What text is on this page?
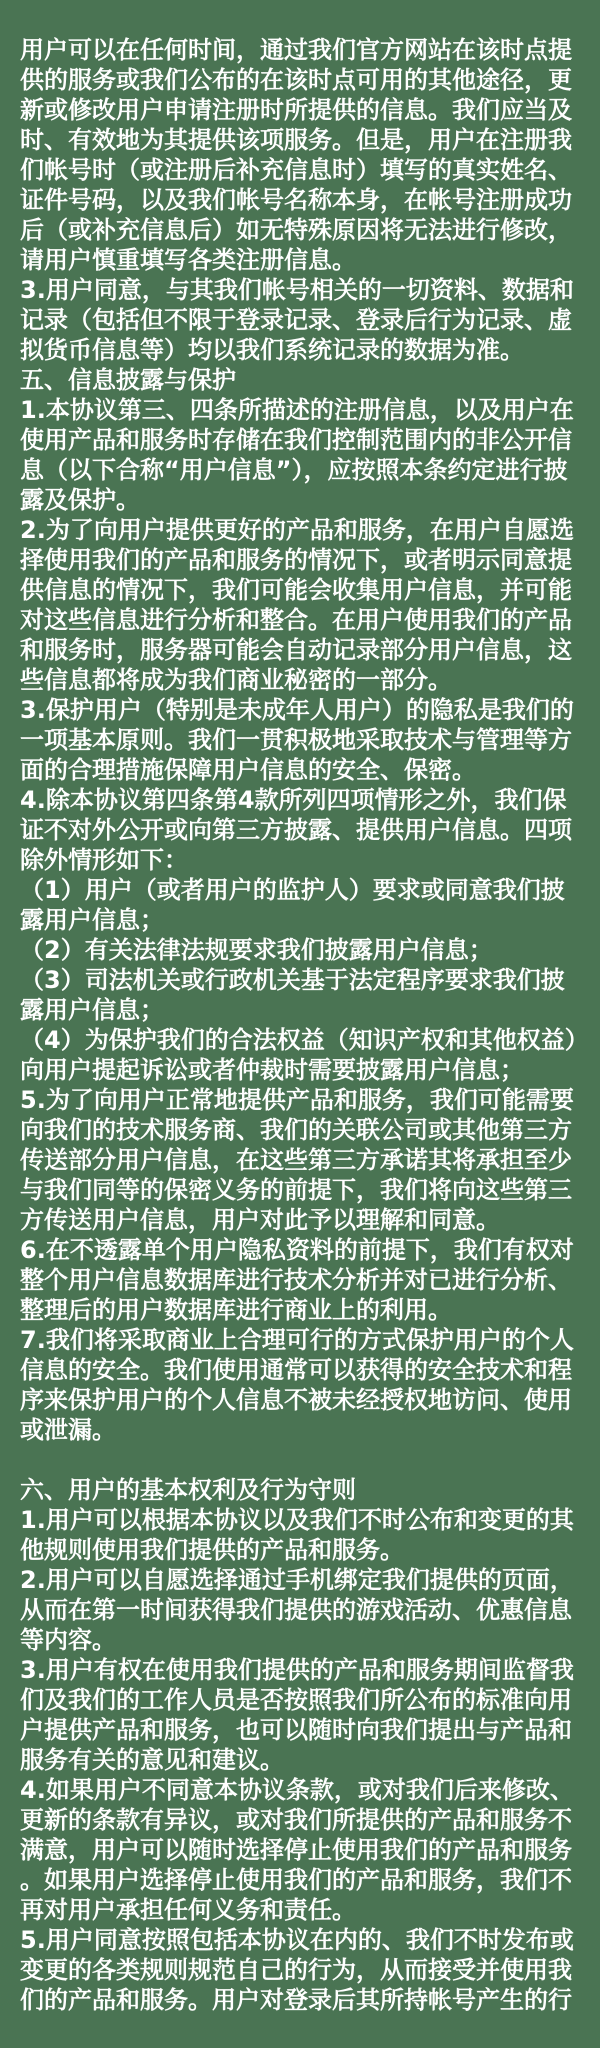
用户可以在任何时间，通过我们官方网站在该时点提供的服务或我们公布的在该时点可用的其他途径，更新或修改用户申请注册时所提供的信息。我们应当及时、有效地为其提供该项服务。但是，用户在注册我们帐号时（或注册后补充信息时）填写的真实姓名、证件号码，以及我们帐号名称本身，在帐号注册成功后（或补充信息后）如无特殊原因将无法进行修改，请用户慎重填写各类注册信息。

3.用户同意，与其我们帐号相关的一切资料、数据和记录（包括但不限于登录记录、登录后行为记录、虚拟货币信息等）均以我们系统记录的数据为准。

五、信息披露与保护

1.本协议第三、四条所描述的注册信息，以及用户在使用产品和服务时存储在我们控制范围内的非公开信息（以下合称“用户信息”），应按照本条约定进行披露及保护。

2.为了向用户提供更好的产品和服务，在用户自愿选择使用我们的产品和服务的情况下，或者明示同意提供信息的情况下，我们可能会收集用户信息，并可能对这些信息进行分析和整合。在用户使用我们的产品和服务时，服务器可能会自动记录部分用户信息，这些信息都将成为我们商业秘密的一部分。

3.保护用户（特别是未成年人用户）的隐私是我们的一项基本原则。我们一贯积极地采取技术与管理等方面的合理措施保障用户信息的安全、保密。

4.除本协议第四条第4款所列四项情形之外，我们保证不对外公开或向第三方披露、提供用户信息。四项除外情形如下：

（1）用户（或者用户的监护人）要求或同意我们披露用户信息；

（2）有关法律法规要求我们披露用户信息；

（3）司法机关或行政机关基于法定程序要求我们披露用户信息；

（4）为保护我们的合法权益（知识产权和其他权益）向用户提起诉讼或者仲裁时需要披露用户信息；

5.为了向用户正常地提供产品和服务，我们可能需要向我们的技术服务商、我们的关联公司或其他第三方传送部分用户信息，在这些第三方承诺其将承担至少与我们同等的保密义务的前提下，我们将向这些第三方传送用户信息，用户对此予以理解和同意。

6.在不透露单个用户隐私资料的前提下，我们有权对整个用户信息数据库进行技术分析并对已进行分析、整理后的用户数据库进行商业上的利用。

7.我们将采取商业上合理可行的方式保护用户的个人信息的安全。我们使用通常可以获得的安全技术和程序来保护用户的个人信息不被未经授权地访问、使用或泄漏。

六、用户的基本权利及行为守则

1.用户可以根据本协议以及我们不时公布和变更的其他规则使用我们提供的产品和服务。

2.用户可以自愿选择通过手机绑定我们提供的页面，从而在第一时间获得我们提供的游戏活动、优惠信息等内容。

3.用户有权在使用我们提供的产品和服务期间监督我们及我们的工作人员是否按照我们所公布的标准向用户提供产品和服务，也可以随时向我们提出与产品和服务有关的意见和建议。

4.如果用户不同意本协议条款，或对我们后来修改、更新的条款有异议，或对我们所提供的产品和服务不满意，用户可以随时选择停止使用我们的产品和服务。如果用户选择停止使用我们的产品和服务，我们不再对用户承担任何义务和责任。

5.用户同意按照包括本协议在内的、我们不时发布或变更的各类规则规范自己的行为，从而接受并使用我们的产品和服务。用户对登录后其所持帐号产生的行
